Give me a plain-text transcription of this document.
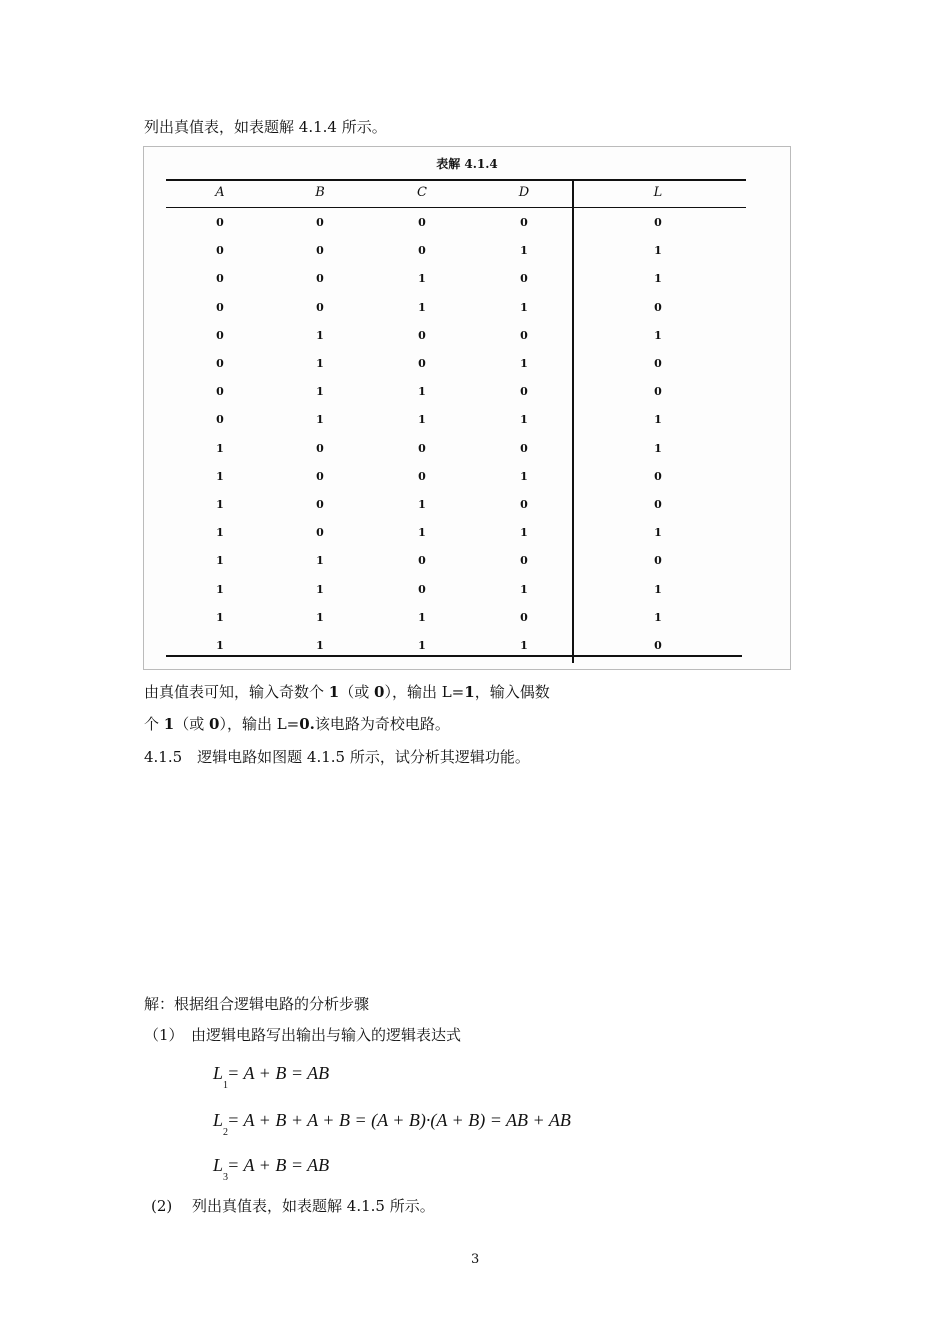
列出真值表，如表题解 4.1.4 所示。
表解 4.1.4
A	B	C	D	L
0	0	0	0	0
0	0	0	1	1
0	0	1	0	1
0	0	1	1	0
0	1	0	0	1
0	1	0	1	0
0	1	1	0	0
0	1	1	1	1
1	0	0	0	1
1	0	0	1	0
1	0	1	0	0
1	0	1	1	1
1	1	0	0	0
1	1	0	1	1
1	1	1	0	1
1	1	1	1	0
由真值表可知，输入奇数个 1（或 0），输出 L=1，输入偶数
个 1（或 0），输出 L=0.该电路为奇校电路。
4.1.5　逻辑电路如图题 4.1.5 所示，试分析其逻辑功能。
解：根据组合逻辑电路的分析步骤
（1）　由逻辑电路写出输出与输入的逻辑表达式
L = A + B = AB
1
L = A + B + A + B = (A + B)·(A + B) = AB + AB
2
L = A + B = AB
3
(2)　 列出真值表，如表题解 4.1.5 所示。
3
